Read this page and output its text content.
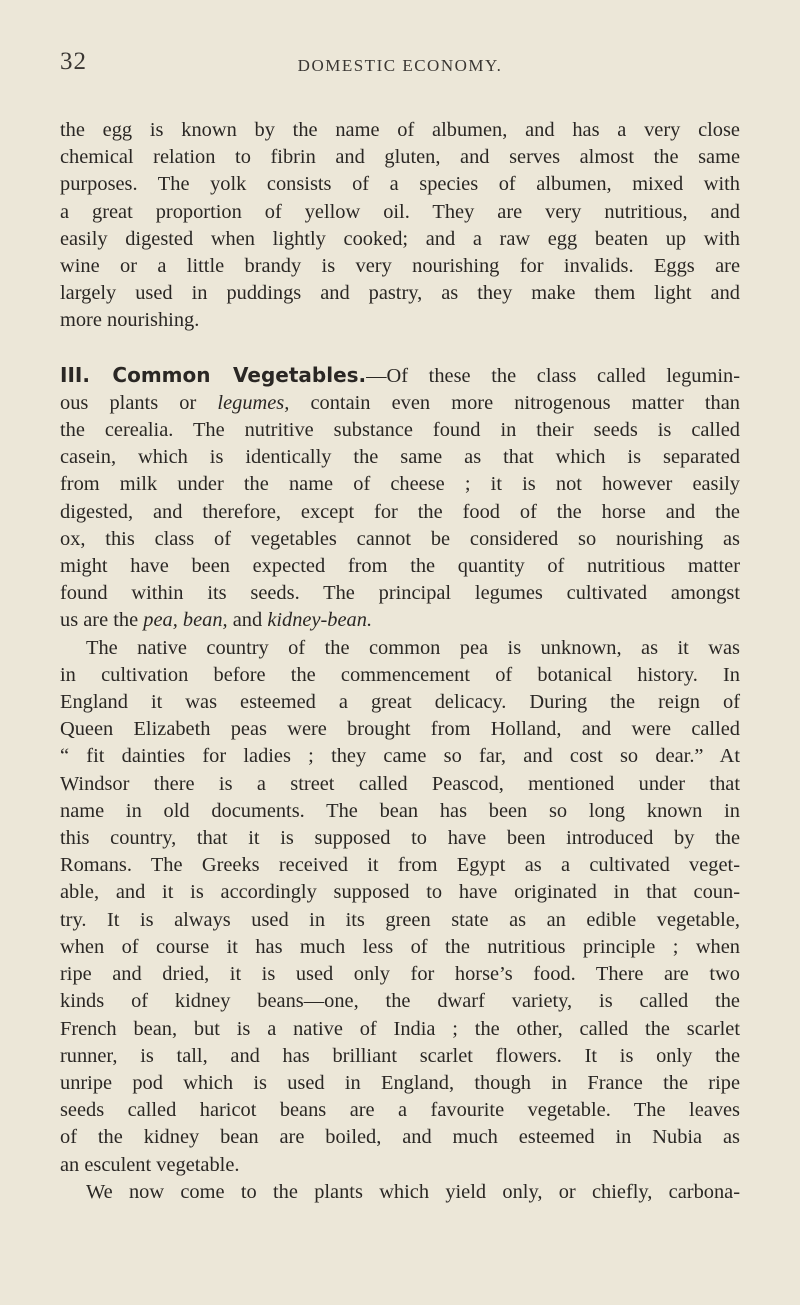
32	DOMESTIC ECONOMY.
the egg is known by the name of albumen, and has a very close
chemical relation to fibrin and gluten, and serves almost the same
purposes. The yolk consists of a species of albumen, mixed with
a great proportion of yellow oil. They are very nutritious, and
easily digested when lightly cooked; and a raw egg beaten up with
wine or a little brandy is very nourishing for invalids. Eggs are
largely used in puddings and pastry, as they make them light and
more nourishing.
III. Common Vegetables.—Of these the class called legumin-
ous plants or legumes, contain even more nitrogenous matter than
the cerealia. The nutritive substance found in their seeds is called
casein, which is identically the same as that which is separated
from milk under the name of cheese ; it is not however easily
digested, and therefore, except for the food of the horse and the
ox, this class of vegetables cannot be considered so nourishing as
might have been expected from the quantity of nutritious matter
found within its seeds. The principal legumes cultivated amongst
us are the pea, bean, and kidney-bean.
The native country of the common pea is unknown, as it was
in cultivation before the commencement of botanical history. In
England it was esteemed a great delicacy. During the reign of
Queen Elizabeth peas were brought from Holland, and were called
“ fit dainties for ladies ; they came so far, and cost so dear.” At
Windsor there is a street called Peascod, mentioned under that
name in old documents. The bean has been so long known in
this country, that it is supposed to have been introduced by the
Romans. The Greeks received it from Egypt as a cultivated veget-
able, and it is accordingly supposed to have originated in that coun-
try. It is always used in its green state as an edible vegetable,
when of course it has much less of the nutritious principle ; when
ripe and dried, it is used only for horse’s food. There are two
kinds of kidney beans—one, the dwarf variety, is called the
French bean, but is a native of India ; the other, called the scarlet
runner, is tall, and has brilliant scarlet flowers. It is only the
unripe pod which is used in England, though in France the ripe
seeds called haricot beans are a favourite vegetable. The leaves
of the kidney bean are boiled, and much esteemed in Nubia as
an esculent vegetable.
We now come to the plants which yield only, or chiefly, carbona-
